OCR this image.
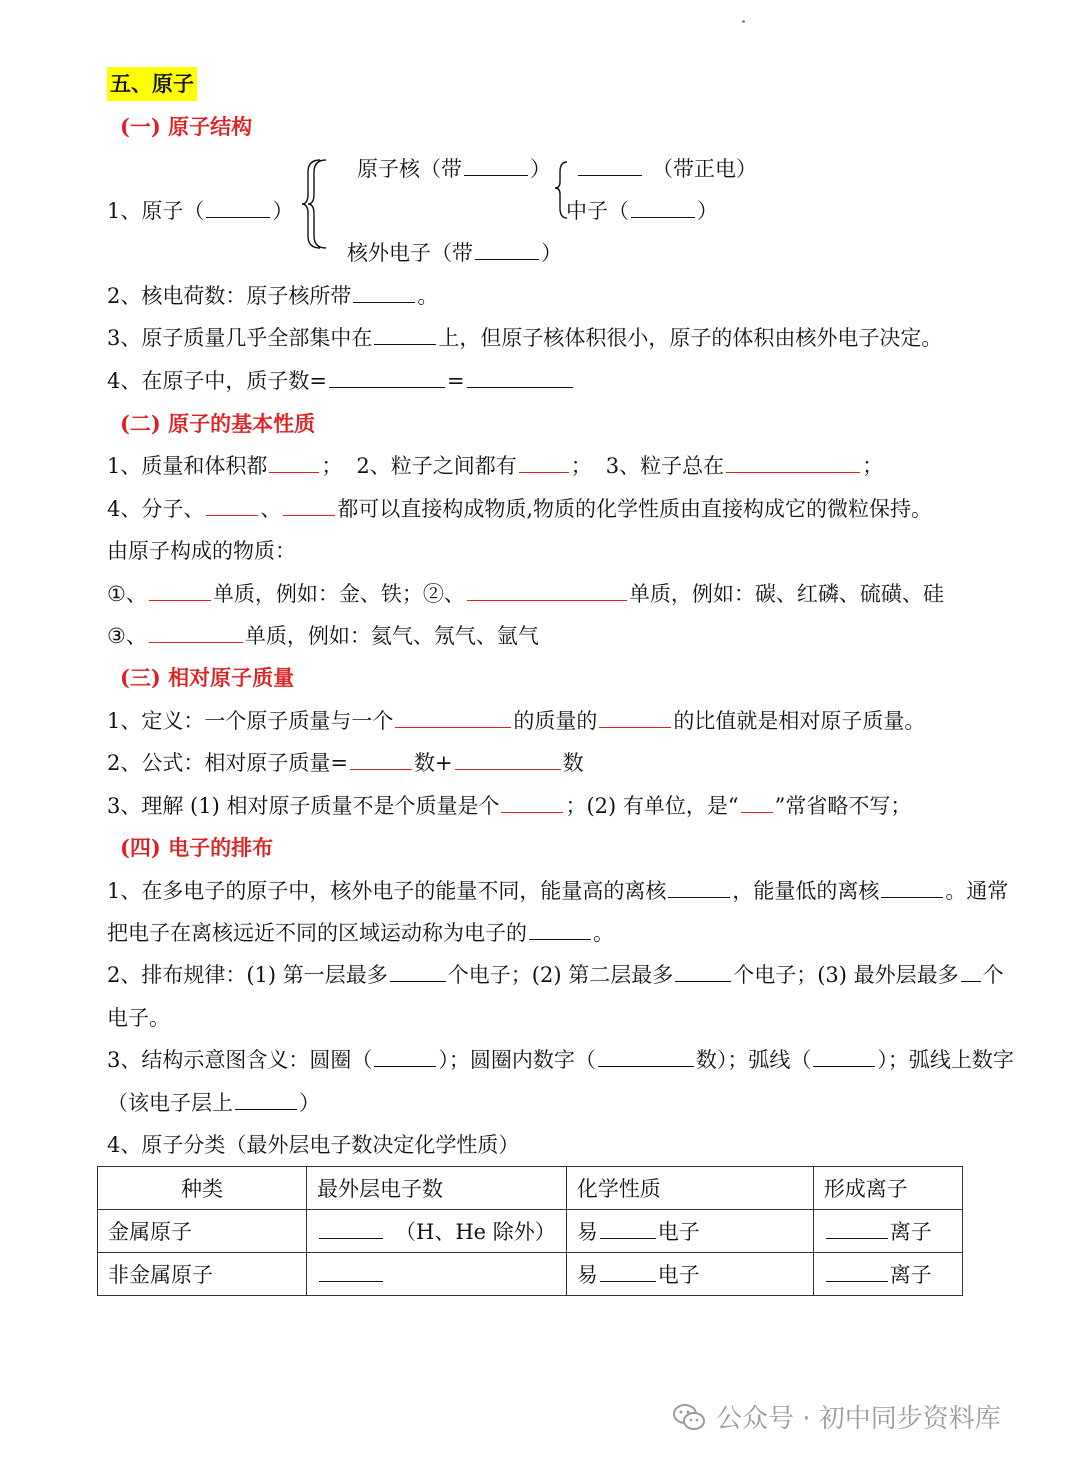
五、原子
(一) 原子结构
1、原子（	）
原子核（带	）	（带正电）
中子（	）
核外电子（带	）
2、核电荷数：原子核所带	。
3、原子质量几乎全部集中在	上，但原子核体积很小，原子的体积由核外电子决定。
4、在原子中，质子数=	=
(二) 原子的基本性质
1、质量和体积都	； 2、粒子之间都有	； 3、粒子总在	；
4、分子、	、	都可以直接构成物质,物质的化学性质由直接构成它的微粒保持。
由原子构成的物质：
①、	单质，例如：金、铁；②、	单质，例如：碳、红磷、硫磺、硅
③、	单质，例如：氦气、氖气、氩气
(三) 相对原子质量
1、定义：一个原子质量与一个	的质量的	的比值就是相对原子质量。
2、公式：相对原子质量=	数+	数
3、理解 (1) 相对原子质量不是个质量是个	；(2) 有单位，是“ ”常省略不写；
(四) 电子的排布
1、在多电子的原子中，核外电子的能量不同，能量高的离核	，能量低的离核	。通常
把电子在离核远近不同的区域运动称为电子的	。
2、排布规律：(1) 第一层最多	个电子；(2) 第二层最多	个电子；(3) 最外层最多 个
电子。
3、结构示意图含义：圆圈（	）；圆圈内数字（	数）；弧线（	）；弧线上数字
（该电子层上	）
4、原子分类（最外层电子数决定化学性质）
种类	最外层电子数	化学性质	形成离子
金属原子	（H、He 除外）	易 电子	离子
非金属原子		易 电子	离子
公众号 · 初中同步资料库
